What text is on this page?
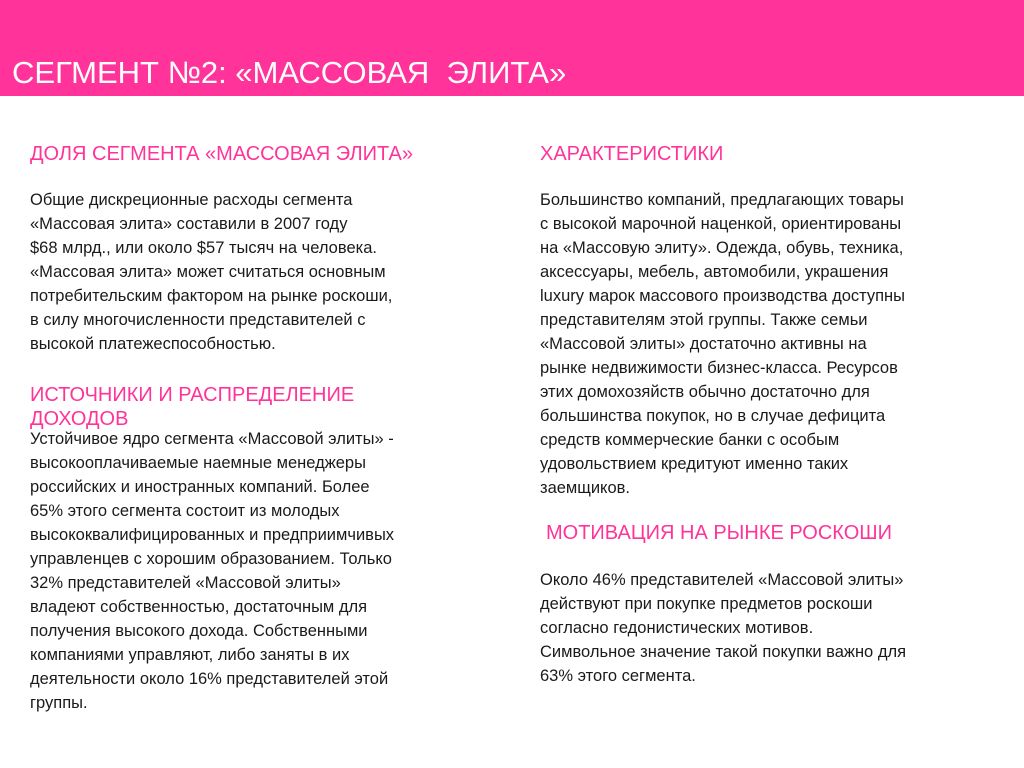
СЕГМЕНТ №2: «МАССОВАЯ  ЭЛИТА»
ДОЛЯ СЕГМЕНТА «МАССОВАЯ ЭЛИТА»
Общие дискреционные расходы сегмента
«Массовая элита» составили в 2007 году
$68 млрд., или около $57 тысяч на человека.
«Массовая элита» может считаться основным
потребительским фактором на рынке роскоши,
в силу многочисленности представителей с
высокой платежеспособностью.
ИСТОЧНИКИ И РАСПРЕДЕЛЕНИЕ
ДОХОДОВ
Устойчивое ядро сегмента «Массовой элиты» -
высокооплачиваемые наемные менеджеры
российских и иностранных компаний. Более
65% этого сегмента состоит из молодых
высококвалифицированных и предприимчивых
управленцев с хорошим образованием. Только
32% представителей «Массовой элиты»
владеют собственностью, достаточным для
получения высокого дохода. Собственными
компаниями управляют, либо заняты в их
деятельности около 16% представителей этой
группы.
ХАРАКТЕРИСТИКИ
Большинство компаний, предлагающих товары
с высокой марочной наценкой, ориентированы
на «Массовую элиту». Одежда, обувь, техника,
аксессуары, мебель, автомобили, украшения
luxury марок массового производства доступны
представителям этой группы. Также семьи
«Массовой элиты» достаточно активны на
рынке недвижимости бизнес-класса. Ресурсов
этих домохозяйств обычно достаточно для
большинства покупок, но в случае дефицита
средств коммерческие банки с особым
удовольствием кредитуют именно таких
заемщиков.
МОТИВАЦИЯ НА РЫНКЕ РОСКОШИ
Около 46% представителей «Массовой элиты»
действуют при покупке предметов роскоши
согласно гедонистических мотивов.
Символьное значение такой покупки важно для
63% этого сегмента.
